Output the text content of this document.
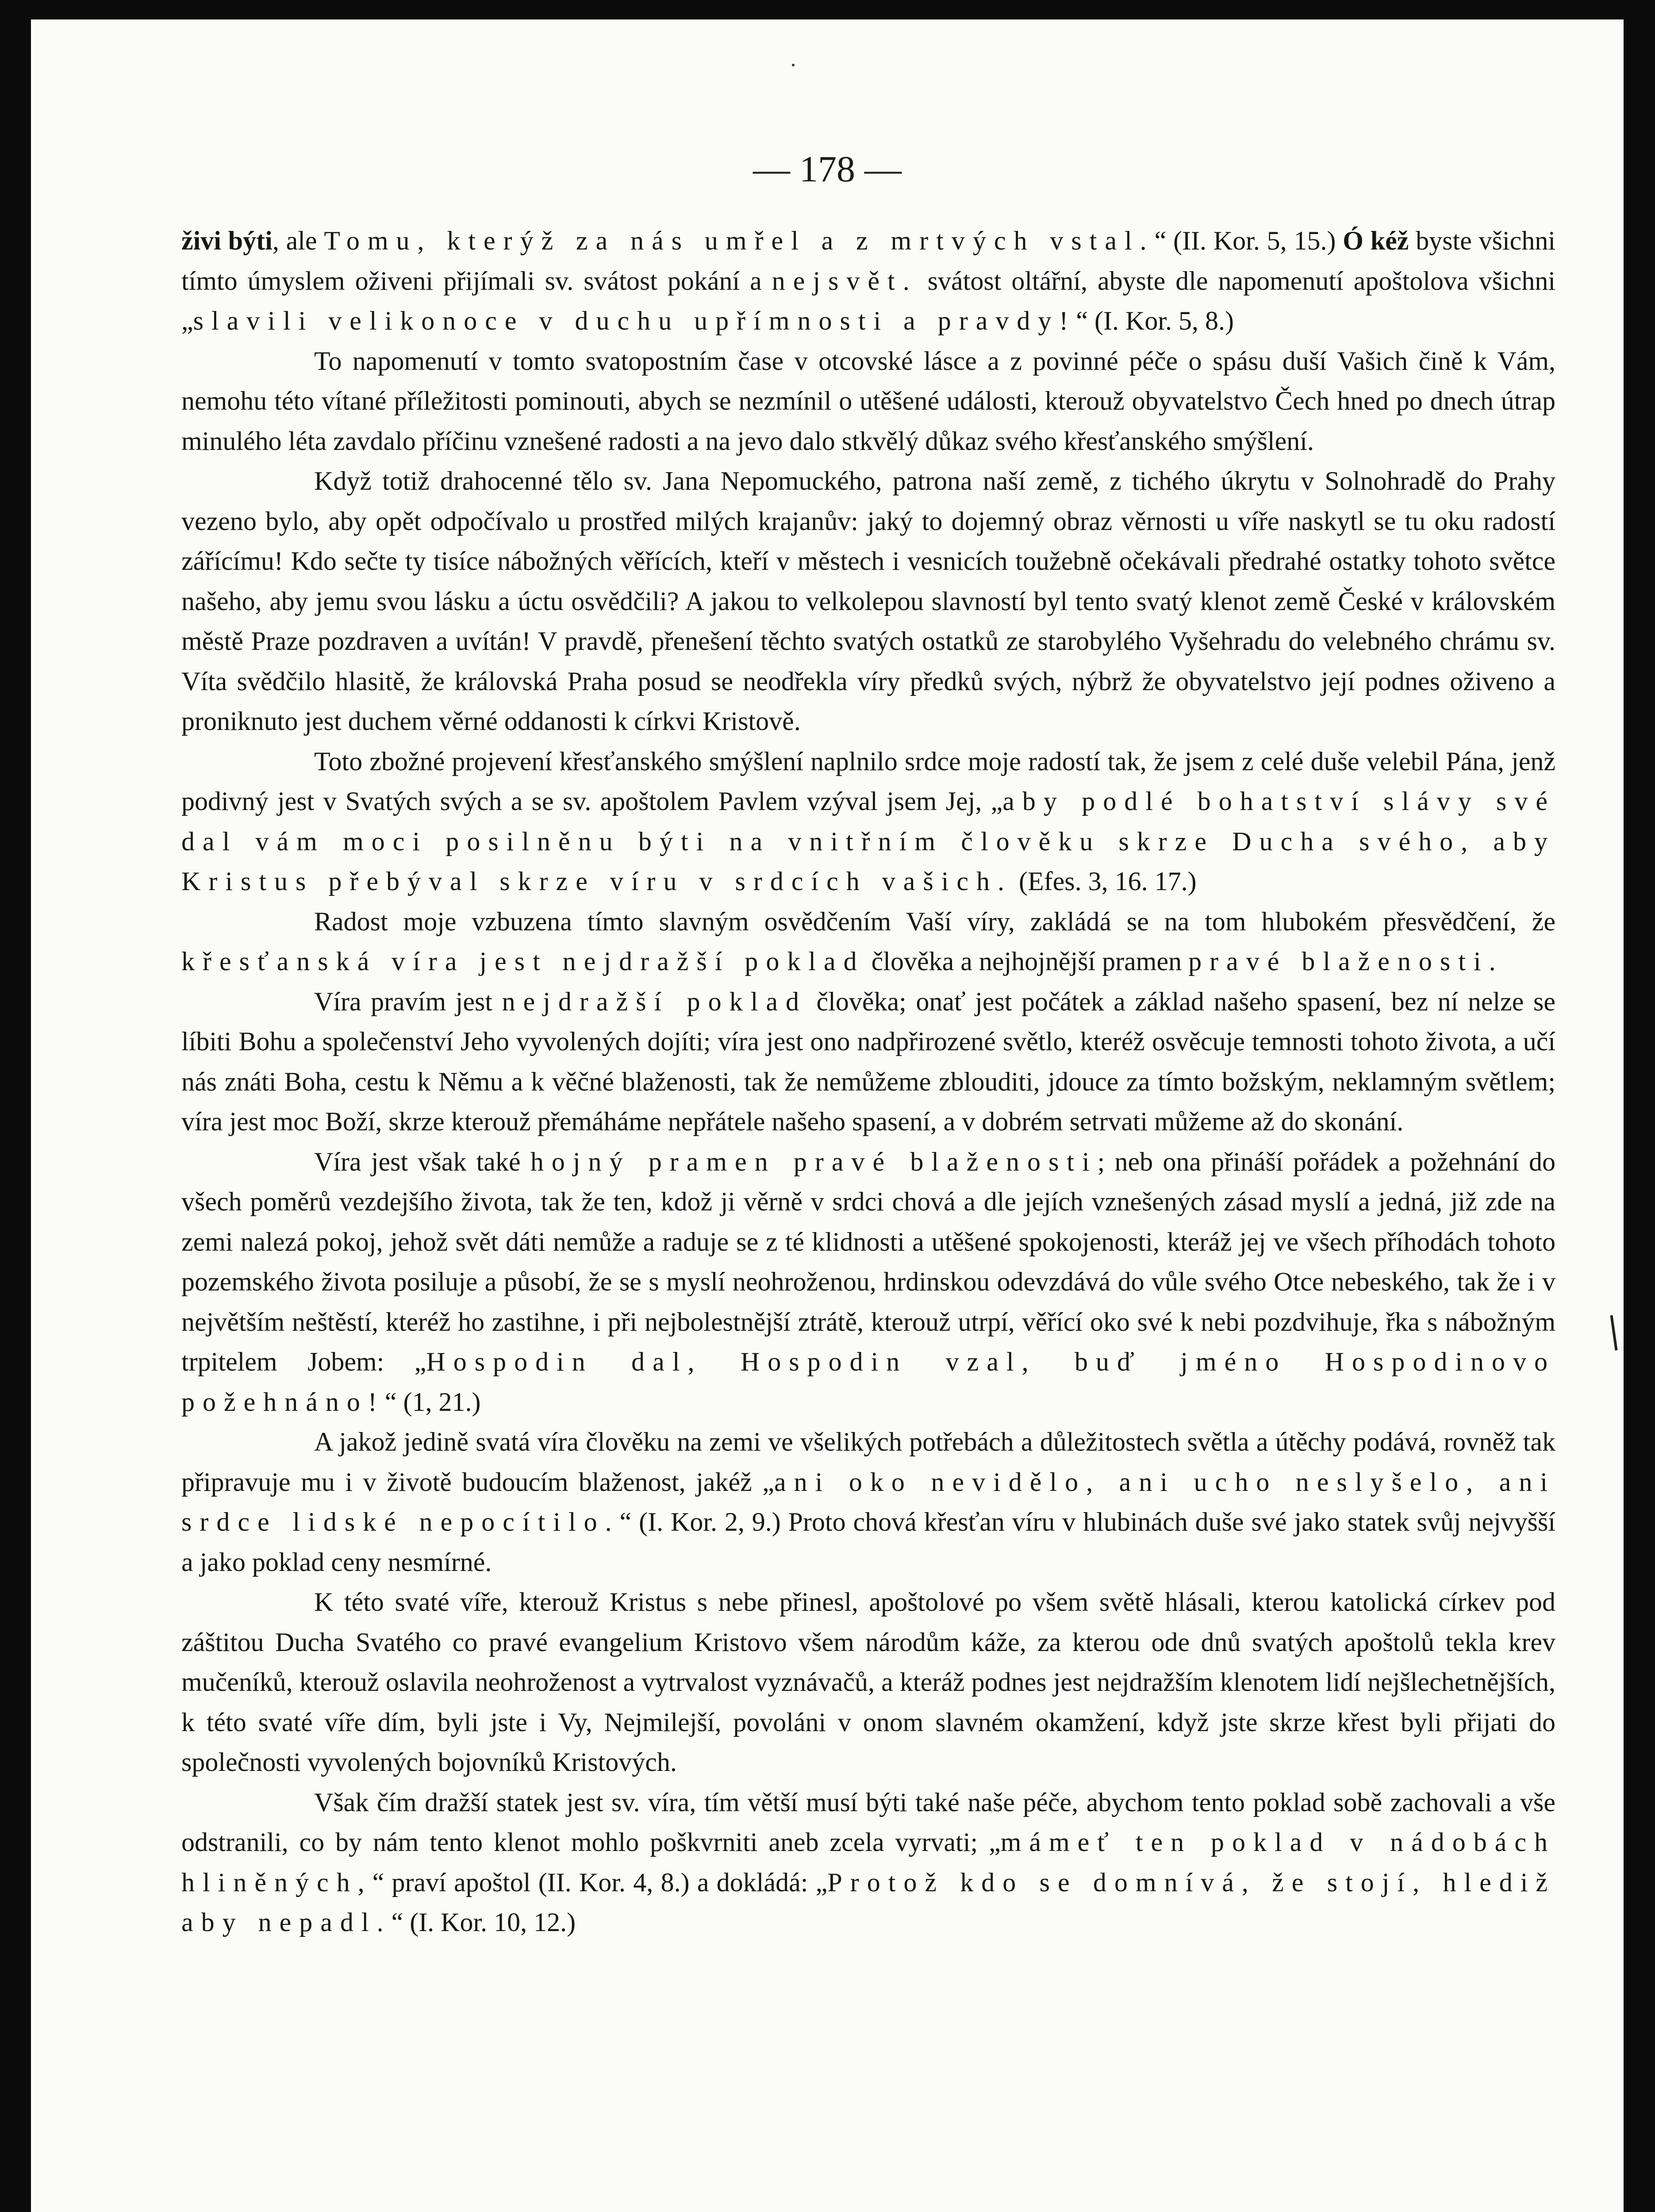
— 178 —

živi býti, ale Tomu, kterýž za nás umřel a z mrtvých vstal.“ (II. Kor. 5, 15.) Ó kéž byste všichni tímto úmyslem oživeni přijímali sv. svátost pokání a nejsvět. svátost oltářní, abyste dle napomenutí apoštolova všichni „slavili velikonoce v duchu upřímnosti a pravdy!“ (I. Kor. 5, 8.)

To napomenutí v tomto svatopostním čase v otcovské lásce a z povinné péče o spásu duší Vašich čině k Vám, nemohu této vítané příležitosti pominouti, abych se nezmínil o utěšené události, kterouž obyvatelstvo Čech hned po dnech útrap minulého léta zavdalo příčinu vznešené radosti a na jevo dalo stkvělý důkaz svého křesťanského smýšlení.

Když totiž drahocenné tělo sv. Jana Nepomuckého, patrona naší země, z tichého úkrytu v Solnohradě do Prahy vezeno bylo, aby opět odpočívalo u prostřed milých krajanův: jaký to dojemný obraz věrnosti u víře naskytl se tu oku radostí zářícímu! Kdo sečte ty tisíce nábožných věřících, kteří v městech i vesnicích toužebně očekávali předrahé ostatky tohoto světce našeho, aby jemu svou lásku a úctu osvědčili? A jakou to velkolepou slavností byl tento svatý klenot země České v královském městě Praze pozdraven a uvítán! V pravdě, přenešení těchto svatých ostatků ze starobylého Vyšehradu do velebného chrámu sv. Víta svědčilo hlasitě, že královská Praha posud se neodřekla víry předků svých, nýbrž že obyvatelstvo její podnes oživeno a proniknuto jest duchem věrné oddanosti k církvi Kristově.

Toto zbožné projevení křesťanského smýšlení naplnilo srdce moje radostí tak, že jsem z celé duše velebil Pána, jenž podivný jest v Svatých svých a se sv. apoštolem Pavlem vzýval jsem Jej, „aby podlé bohatství slávy své dal vám moci posilněnu býti na vnitřním člověku skrze Ducha svého, aby Kristus přebýval skrze víru v srdcích vašich. (Efes. 3, 16. 17.)

Radost moje vzbuzena tímto slavným osvědčením Vaší víry, zakládá se na tom hlubokém přesvědčení, že křesťanská víra jest nejdražší poklad člověka a nejhojnější pramen pravé blaženosti.

Víra pravím jest nejdražší poklad člověka; onať jest počátek a základ našeho spasení, bez ní nelze se líbiti Bohu a společenství Jeho vyvolených dojíti; víra jest ono nadpřirozené světlo, kteréž osvěcuje temnosti tohoto života, a učí nás znáti Boha, cestu k Němu a k věčné blaženosti, tak že nemůžeme zblouditi, jdouce za tímto božským, neklamným světlem; víra jest moc Boží, skrze kterouž přemáháme nepřátele našeho spasení, a v dobrém setrvati můžeme až do skonání.

Víra jest však také hojný pramen pravé blaženosti; neb ona přináší pořádek a požehnání do všech poměrů vezdejšího života, tak že ten, kdož ji věrně v srdci chová a dle jejích vznešených zásad myslí a jedná, již zde na zemi nalezá pokoj, jehož svět dáti nemůže a raduje se z té klidnosti a utěšené spokojenosti, kteráž jej ve všech příhodách tohoto pozemského života posiluje a působí, že se s myslí neohroženou, hrdinskou odevzdává do vůle svého Otce nebeského, tak že i v největším neštěstí, kteréž ho zastihne, i při nejbolestnější ztrátě, kterouž utrpí, věřící oko své k nebi pozdvihuje, řka s nábožným trpitelem Jobem: „Hospodin dal, Hospodin vzal, buď jméno Hospodinovo požehnáno!“ (1, 21.)

A jakož jedině svatá víra člověku na zemi ve všelikých potřebách a důležitostech světla a útěchy podává, rovněž tak připravuje mu i v životě budoucím blaženost, jakéž „ani oko nevidělo, ani ucho neslyšelo, ani srdce lidské nepocítilo.“ (I. Kor. 2, 9.) Proto chová křesťan víru v hlubinách duše své jako statek svůj nejvyšší a jako poklad ceny nesmírné.

K této svaté víře, kterouž Kristus s nebe přinesl, apoštolové po všem světě hlásali, kterou katolická církev pod záštitou Ducha Svatého co pravé evangelium Kristovo všem národům káže, za kterou ode dnů svatých apoštolů tekla krev mučeníků, kterouž oslavila neohroženost a vytrvalost vyznávačů, a kteráž podnes jest nejdražším klenotem lidí nejšlechetnějších, k této svaté víře dím, byli jste i Vy, Nejmilejší, povoláni v onom slavném okamžení, když jste skrze křest byli přijati do společnosti vyvolených bojovníků Kristových.

Však čím dražší statek jest sv. víra, tím větší musí býti také naše péče, abychom tento poklad sobě zachovali a vše odstranili, co by nám tento klenot mohlo poškvrniti aneb zcela vyrvati; „mámeť ten poklad v nádobách hliněných,“ praví apoštol (II. Kor. 4, 8.) a dokládá: „Protož kdo se domnívá, že stojí, hlediž aby nepadl.“ (I. Kor. 10, 12.)
